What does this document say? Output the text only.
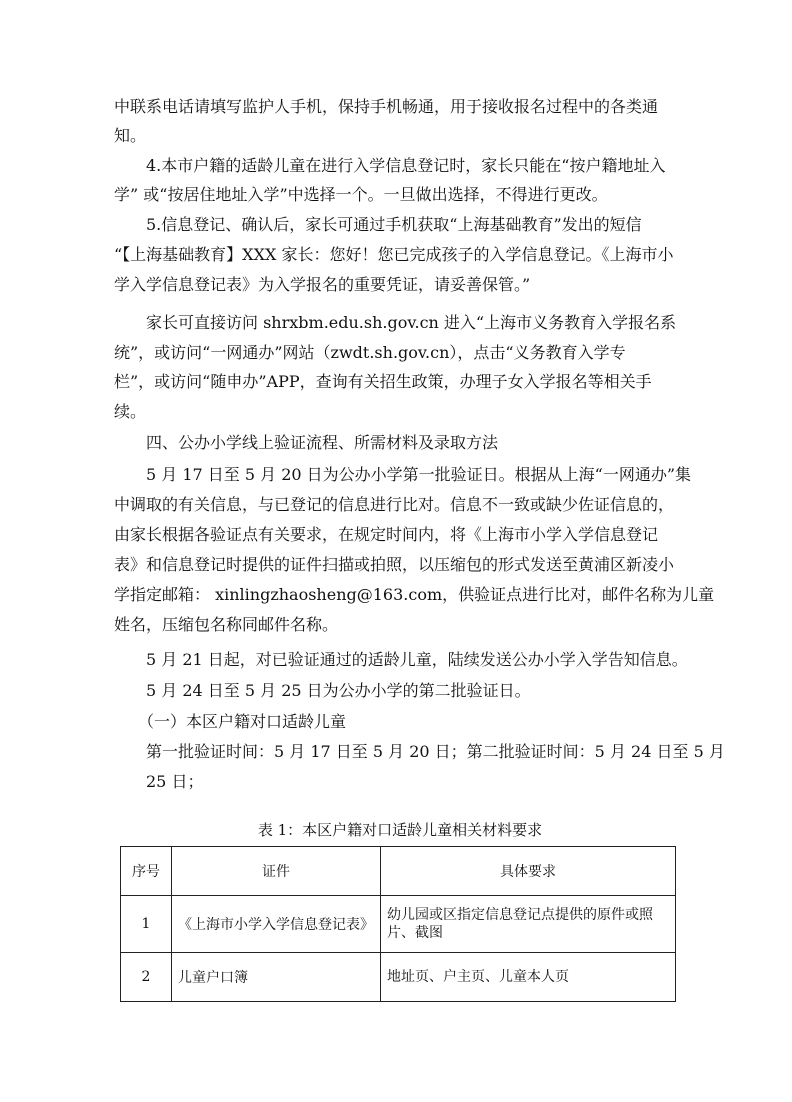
中联系电话请填写监护人手机，保持手机畅通，用于接收报名过程中的各类通
知。
　　4.本市户籍的适龄儿童在进行入学信息登记时，家长只能在“按户籍地址入
学” 或“按居住地址入学”中选择一个。一旦做出选择，不得进行更改。
　　5.信息登记、确认后，家长可通过手机获取“上海基础教育”发出的短信
“【上海基础教育】XXX 家长：您好！您已完成孩子的入学信息登记。《上海市小
学入学信息登记表》为入学报名的重要凭证，请妥善保管。”
　　家长可直接访问 shrxbm.edu.sh.gov.cn 进入“上海市义务教育入学报名系
统”，或访问“一网通办”网站（zwdt.sh.gov.cn），点击“义务教育入学专
栏”，或访问“随申办”APP，查询有关招生政策，办理子女入学报名等相关手
续。
　　四、公办小学线上验证流程、所需材料及录取方法
　　5 月 17 日至 5 月 20 日为公办小学第一批验证日。根据从上海“一网通办”集
中调取的有关信息，与已登记的信息进行比对。信息不一致或缺少佐证信息的，
由家长根据各验证点有关要求，在规定时间内，将《上海市小学入学信息登记
表》和信息登记时提供的证件扫描或拍照，以压缩包的形式发送至黄浦区新凌小
学指定邮箱： xinlingzhaosheng@163.com，供验证点进行比对，邮件名称为儿童
姓名，压缩包名称同邮件名称。
　　5 月 21 日起，对已验证通过的适龄儿童，陆续发送公办小学入学告知信息。
　　5 月 24 日至 5 月 25 日为公办小学的第二批验证日。
　　（一）本区户籍对口适龄儿童
　　第一批验证时间：5 月 17 日至 5 月 20 日；第二批验证时间：5 月 24 日至 5 月
　　25 日；
表 1：本区户籍对口适龄儿童相关材料要求
序号	证件	具体要求
1	《上海市小学入学信息登记表》	幼儿园或区指定信息登记点提供的原件或照片、截图
2	儿童户口簿	地址页、户主页、儿童本人页
